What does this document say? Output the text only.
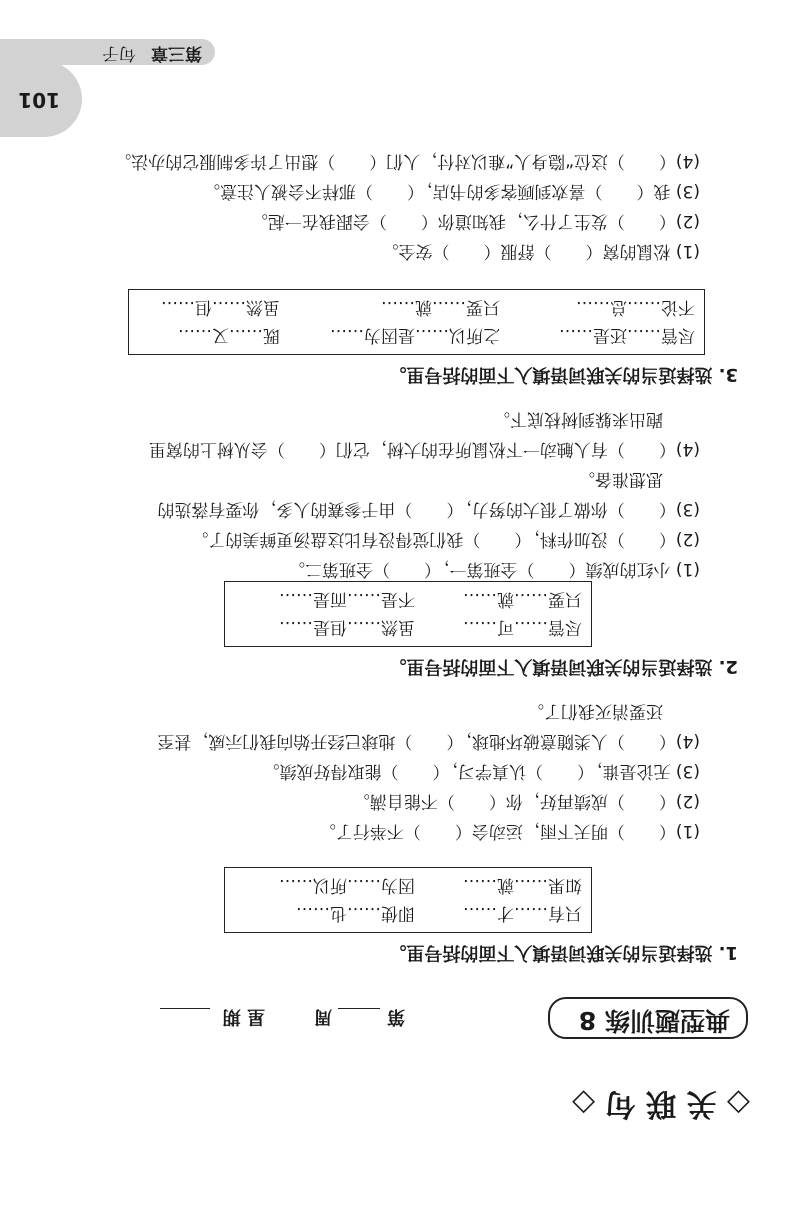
第三章
句子
◇ 关 联 句 ◇
典型题训练 8
第
周
星 期
1. 选择适当的关联词语填入下面的括号里。
只有……才……
即使……也……
如果……就……
因为……所以……
(1)（　　）明天下雨，运动会（　　）不举行了。
(2)（　　）成绩再好，你（　　）不能自满。
(3) 无论是谁，（　　）认真学习，（　　）能取得好成绩。
(4)（　　）人类随意破坏地球，（　　）地球已经开始向我们示威，甚至
还要消灭我们了。
2. 选择适当的关联词语填入下面的括号里。
尽管……可……
虽然……但是……
只要……就……
不是……而是……
(1) 小红的成绩（　　）全班第一，（　　）全班第二。
(2)（　　）没加作料，（　　）我们觉得没有比这盘汤更鲜美的了。
(3)（　　）你做了很大的努力，（　　）由于参赛的人多，你要有落选的
思想准备。
(4)（　　）有人触动一下松鼠所在的大树，它们（　　）会从树上的窝里
跑出来躲到树枝底下。
3. 选择适当的关联词语填入下面的括号里。
尽管……还是……
之所以……是因为……
既……又……
不论……总……
只要……就……
虽然……但……
(1) 松鼠的窝（　　）舒服（　　）安全。
(2)（　　）发生了什么，我知道你（　　）会跟我在一起。
(3) 我（　　）喜欢到顾客多的书店，（　　）那样不会被人注意。
(4)（　　）这位“隐身人”难以对付，人们（　　）想出了许多制服它的办法。
101
